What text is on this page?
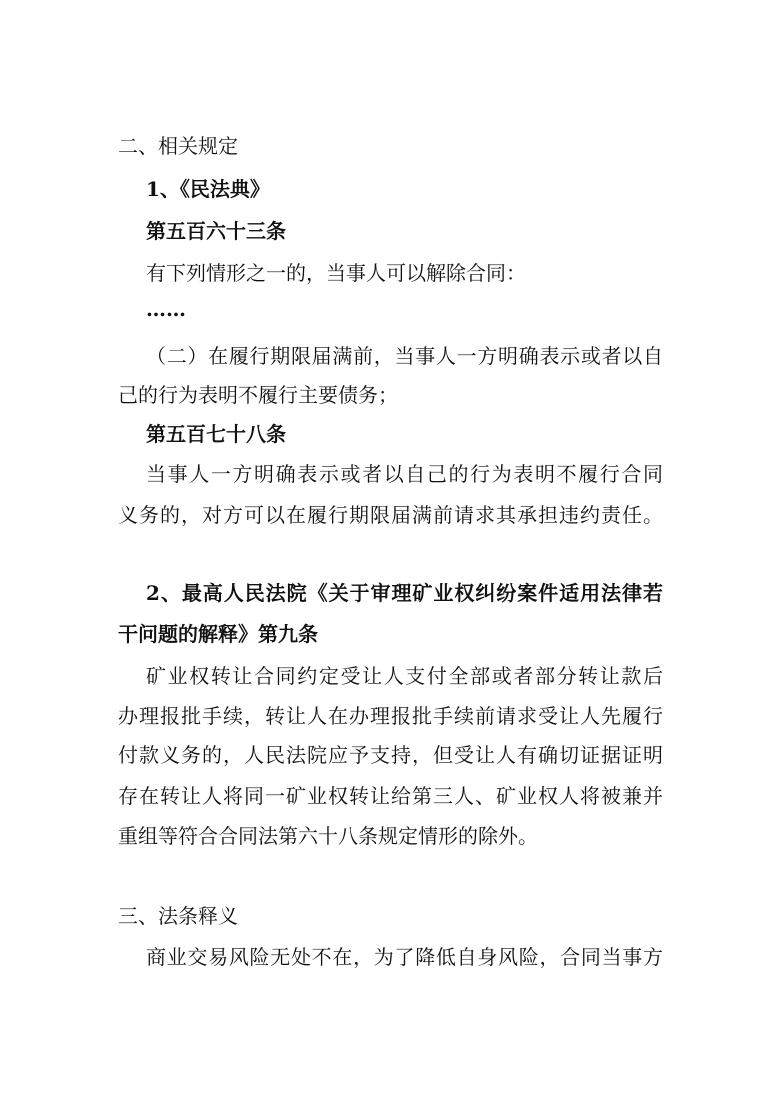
二、相关规定
1、《民法典》
第五百六十三条
有下列情形之一的，当事人可以解除合同：
……
（二）在履行期限届满前，当事人一方明确表示或者以自
己的行为表明不履行主要债务；
第五百七十八条
当事人一方明确表示或者以自己的行为表明不履行合同
义务的，对方可以在履行期限届满前请求其承担违约责任。
2、最高人民法院《关于审理矿业权纠纷案件适用法律若
干问题的解释》第九条
矿业权转让合同约定受让人支付全部或者部分转让款后
办理报批手续，转让人在办理报批手续前请求受让人先履行
付款义务的，人民法院应予支持，但受让人有确切证据证明
存在转让人将同一矿业权转让给第三人、矿业权人将被兼并
重组等符合合同法第六十八条规定情形的除外。
三、法条释义
商业交易风险无处不在，为了降低自身风险，合同当事方
